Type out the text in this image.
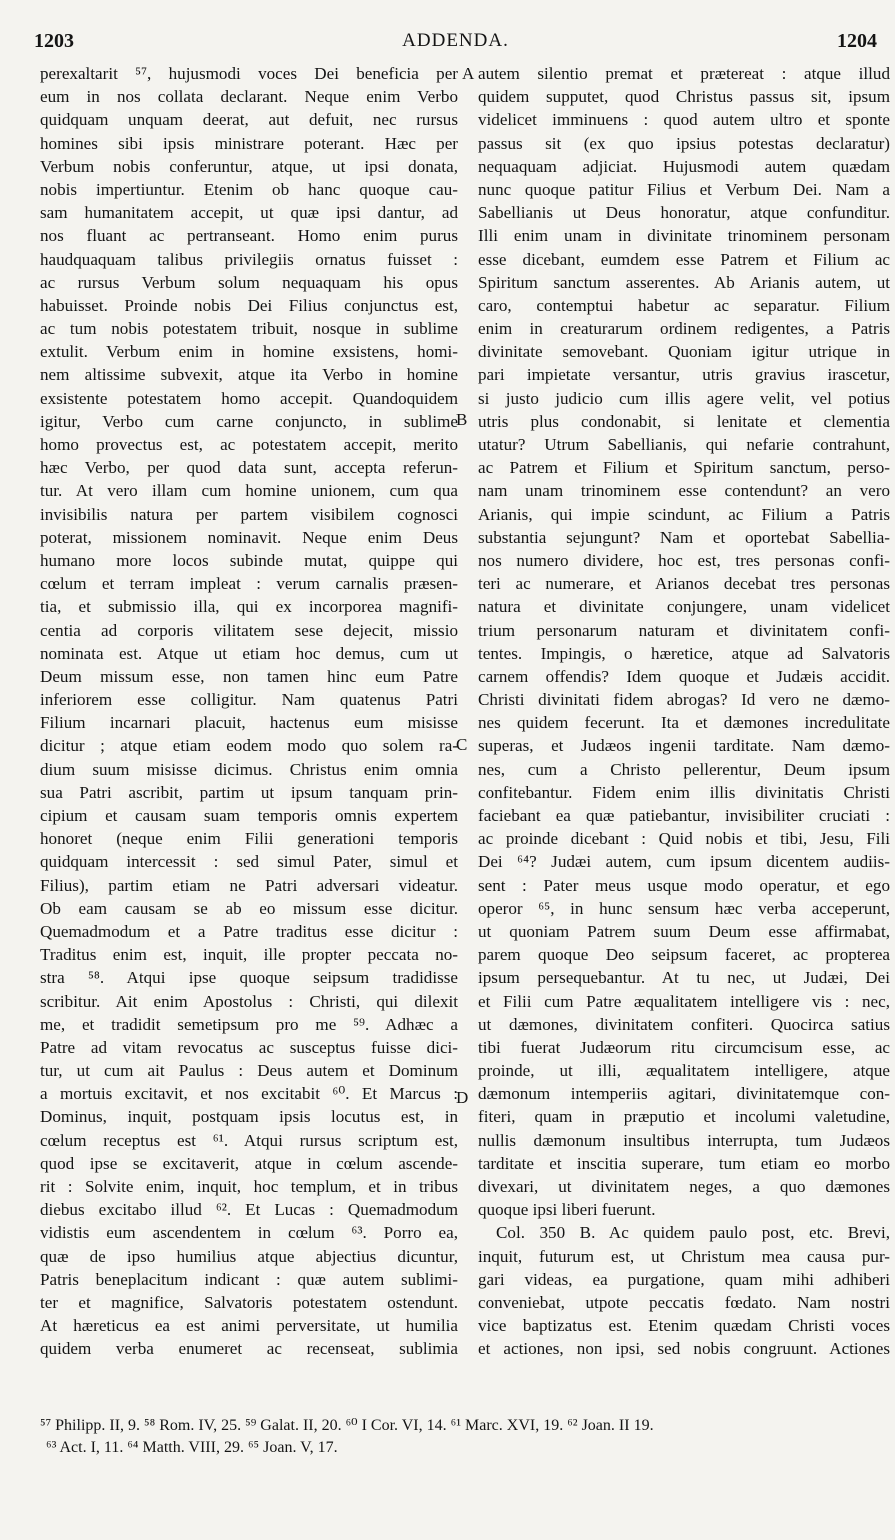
1203	ADDENDA.	1204
perexaltarit ⁵⁷, hujusmodi voces Dei beneficia per
eum in nos collata declarant. Neque enim Verbo
quidquam unquam deerat, aut defuit, nec rursus
homines sibi ipsis ministrare poterant. Hæc per
Verbum nobis conferuntur, atque, ut ipsi donata,
nobis impertiuntur. Etenim ob hanc quoque cau-
sam humanitatem accepit, ut quæ ipsi dantur, ad
nos fluant ac pertranseant. Homo enim purus
haudquaquam talibus privilegiis ornatus fuisset :
ac rursus Verbum solum nequaquam his opus
habuisset. Proinde nobis Dei Filius conjunctus est,
ac tum nobis potestatem tribuit, nosque in sublime
extulit. Verbum enim in homine exsistens, homi-
nem altissime subvexit, atque ita Verbo in homine
exsistente potestatem homo accepit. Quandoquidem
igitur, Verbo cum carne conjuncto, in sublime
homo provectus est, ac potestatem accepit, merito
hæc Verbo, per quod data sunt, accepta referun-
tur. At vero illam cum homine unionem, cum qua
invisibilis natura per partem visibilem cognosci
poterat, missionem nominavit. Neque enim Deus
humano more locos subinde mutat, quippe qui
cœlum et terram impleat : verum carnalis præsen-
tia, et submissio illa, qui ex incorporea magnifi-
centia ad corporis vilitatem sese dejecit, missio
nominata est. Atque ut etiam hoc demus, cum ut
Deum missum esse, non tamen hinc eum Patre
inferiorem esse colligitur. Nam quatenus Patri
Filium incarnari placuit, hactenus eum misisse
dicitur ; atque etiam eodem modo quo solem ra-
dium suum misisse dicimus. Christus enim omnia
sua Patri ascribit, partim ut ipsum tanquam prin-
cipium et causam suam temporis omnis expertem
honoret (neque enim Filii generationi temporis
quidquam intercessit : sed simul Pater, simul et
Filius), partim etiam ne Patri adversari videatur.
Ob eam causam se ab eo missum esse dicitur.
Quemadmodum et a Patre traditus esse dicitur :
Traditus enim est, inquit, ille propter peccata no-
stra ⁵⁸. Atqui ipse quoque seipsum tradidisse
scribitur. Ait enim Apostolus : Christi, qui dilexit
me, et tradidit semetipsum pro me ⁵⁹. Adhæc a
Patre ad vitam revocatus ac susceptus fuisse dici-
tur, ut cum ait Paulus : Deus autem et Dominum
a mortuis excitavit, et nos excitabit ⁶⁰. Et Marcus :
Dominus, inquit, postquam ipsis locutus est, in
cœlum receptus est ⁶¹. Atqui rursus scriptum est,
quod ipse se excitaverit, atque in cœlum ascende-
rit : Solvite enim, inquit, hoc templum, et in tribus
diebus excitabo illud ⁶². Et Lucas : Quemadmodum
vidistis eum ascendentem in cœlum ⁶³. Porro ea,
quæ de ipso humilius atque abjectius dicuntur,
Patris beneplacitum indicant : quæ autem sublimi-
ter et magnifice, Salvatoris potestatem ostendunt.
At hæreticus ea est animi perversitate, ut humilia
quidem verba enumeret ac recenseat, sublimia
autem silentio premat et prætereat : atque illud
quidem supputet, quod Christus passus sit, ipsum
videlicet imminuens : quod autem ultro et sponte
passus sit (ex quo ipsius potestas declaratur)
nequaquam adjiciat. Hujusmodi autem quædam
nunc quoque patitur Filius et Verbum Dei. Nam a
Sabellianis ut Deus honoratur, atque confunditur.
Illi enim unam in divinitate trinominem personam
esse dicebant, eumdem esse Patrem et Filium ac
Spiritum sanctum asserentes. Ab Arianis autem, ut
caro, contemptui habetur ac separatur. Filium
enim in creaturarum ordinem redigentes, a Patris
divinitate semovebant. Quoniam igitur utrique in
pari impietate versantur, utris gravius irascetur,
si justo judicio cum illis agere velit, vel potius
utris plus condonabit, si lenitate et clementia
utatur? Utrum Sabellianis, qui nefarie contrahunt,
ac Patrem et Filium et Spiritum sanctum, perso-
nam unam trinominem esse contendunt? an vero
Arianis, qui impie scindunt, ac Filium a Patris
substantia sejungunt? Nam et oportebat Sabellia-
nos numero dividere, hoc est, tres personas confi-
teri ac numerare, et Arianos decebat tres personas
natura et divinitate conjungere, unam videlicet
trium personarum naturam et divinitatem confi-
tentes. Impingis, o hæretice, atque ad Salvatoris
carnem offendis? Idem quoque et Judæis accidit.
Christi divinitati fidem abrogas? Id vero ne dæmo-
nes quidem fecerunt. Ita et dæmones incredulitate
superas, et Judæos ingenii tarditate. Nam dæmo-
nes, cum a Christo pellerentur, Deum ipsum
confitebantur. Fidem enim illis divinitatis Christi
faciebant ea quæ patiebantur, invisibiliter cruciati :
ac proinde dicebant : Quid nobis et tibi, Jesu, Fili
Dei ⁶⁴? Judæi autem, cum ipsum dicentem audiis-
sent : Pater meus usque modo operatur, et ego
operor ⁶⁵, in hunc sensum hæc verba acceperunt,
ut quoniam Patrem suum Deum esse affirmabat,
parem quoque Deo seipsum faceret, ac propterea
ipsum persequebantur. At tu nec, ut Judæi, Dei
et Filii cum Patre æqualitatem intelligere vis : nec,
ut dæmones, divinitatem confiteri. Quocirca satius
tibi fuerat Judæorum ritu circumcisum esse, ac
proinde, ut illi, æqualitatem intelligere, atque
dæmonum intemperiis agitari, divinitatemque con-
fiteri, quam in præputio et incolumi valetudine,
nullis dæmonum insultibus interrupta, tum Judæos
tarditate et inscitia superare, tum etiam eo morbo
divexari, ut divinitatem neges, a quo dæmones
quoque ipsi liberi fuerunt.
Col. 350 B. Ac quidem paulo post, etc. Brevi,
inquit, futurum est, ut Christum mea causa pur-
gari videas, ea purgatione, quam mihi adhiberi
conveniebat, utpote peccatis fœdato. Nam nostri
vice baptizatus est. Etenim quædam Christi voces
et actiones, non ipsi, sed nobis congruunt. Actiones
A
B
C
D
⁵⁷ Philipp. II, 9. ⁵⁸ Rom. IV, 25. ⁵⁹ Galat. II, 20. ⁶⁰ I Cor. VI, 14. ⁶¹ Marc. XVI, 19. ⁶² Joan. II 19.
⁶³ Act. I, 11. ⁶⁴ Matth. VIII, 29. ⁶⁵ Joan. V, 17.
